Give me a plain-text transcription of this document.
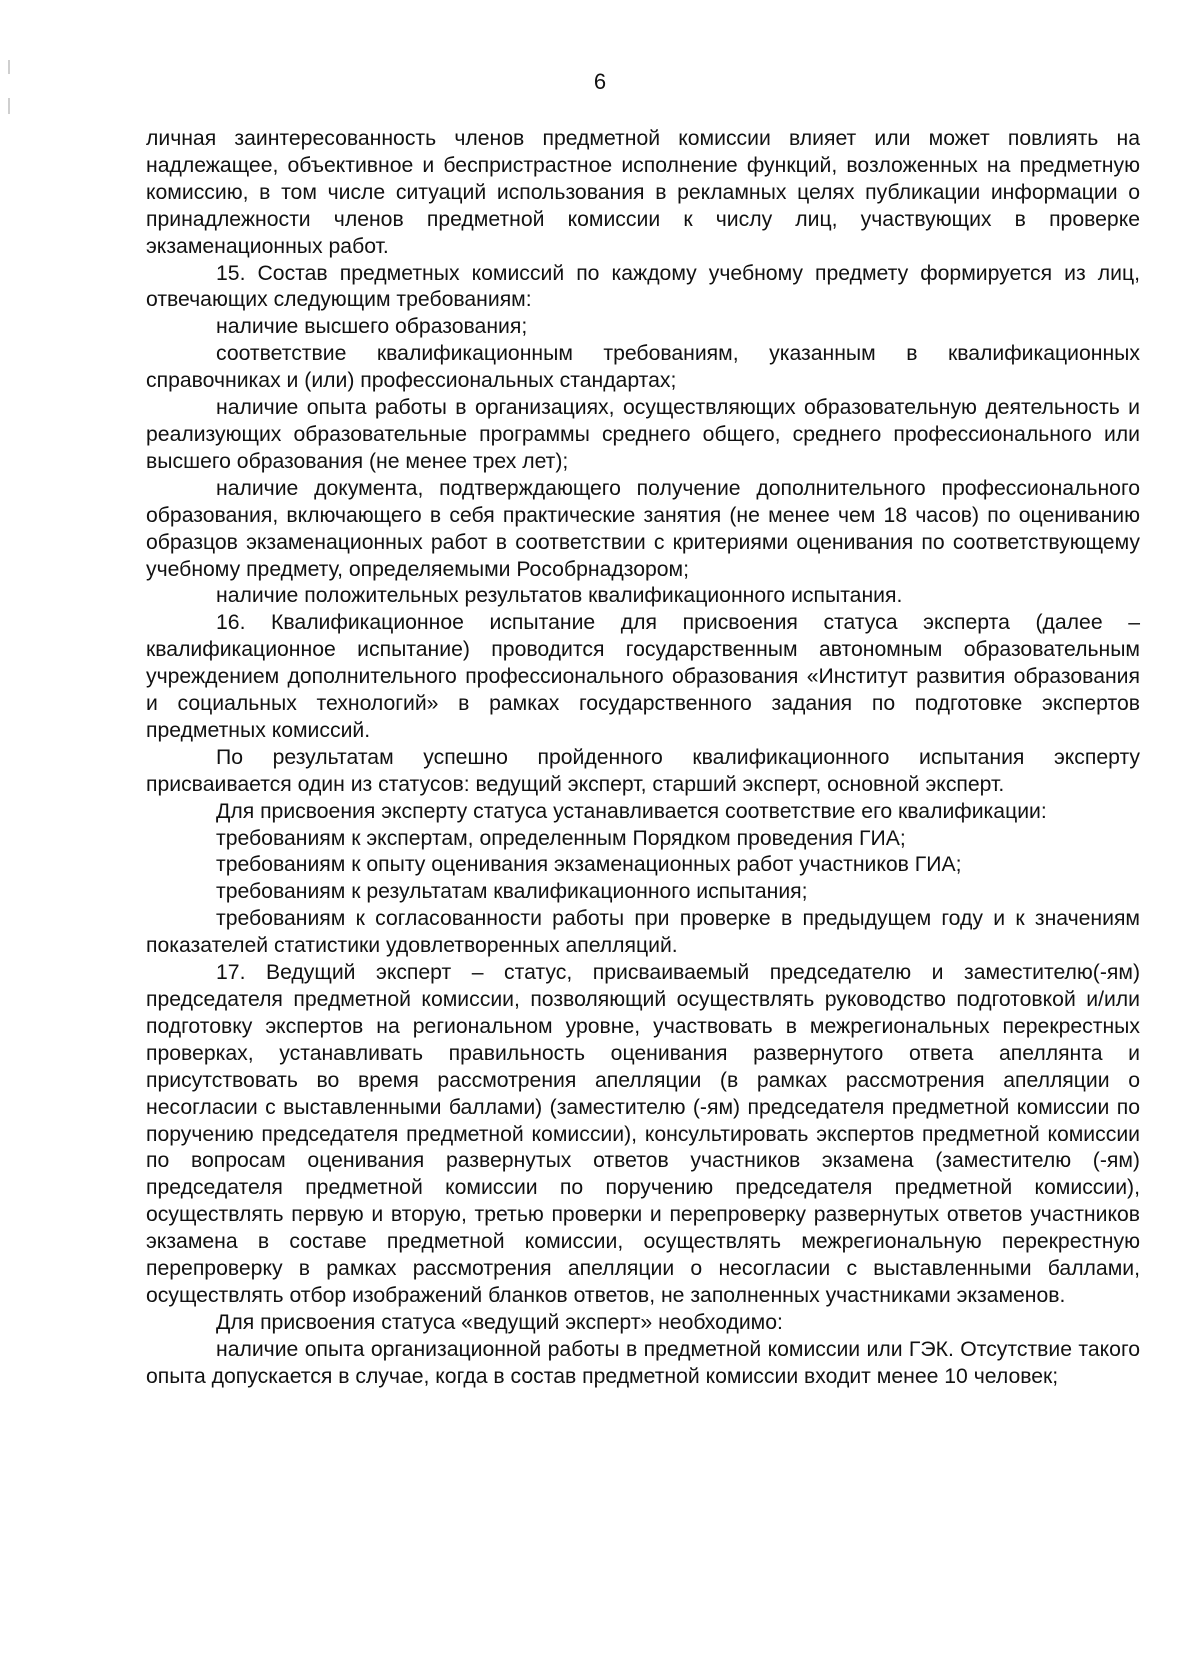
6

личная заинтересованность членов предметной комиссии влияет или может повлиять на надлежащее, объективное и беспристрастное исполнение функций, возложенных на предметную комиссию, в том числе ситуаций использования в рекламных целях публикации информации о принадлежности членов предметной комиссии к числу лиц, участвующих в проверке экзаменационных работ.

15. Состав предметных комиссий по каждому учебному предмету формируется из лиц, отвечающих следующим требованиям:

наличие высшего образования;

соответствие квалификационным требованиям, указанным в квалификационных справочниках и (или) профессиональных стандартах;

наличие опыта работы в организациях, осуществляющих образовательную деятельность и реализующих образовательные программы среднего общего, среднего профессионального или высшего образования (не менее трех лет);

наличие документа, подтверждающего получение дополнительного профессионального образования, включающего в себя практические занятия (не менее чем 18 часов) по оцениванию образцов экзаменационных работ в соответствии с критериями оценивания по соответствующему учебному предмету, определяемыми Рособрнадзором;

наличие положительных результатов квалификационного испытания.

16. Квалификационное испытание для присвоения статуса эксперта (далее – квалификационное испытание) проводится государственным автономным образовательным учреждением дополнительного профессионального образования «Институт развития образования и социальных технологий» в рамках государственного задания по подготовке экспертов предметных комиссий.

По результатам успешно пройденного квалификационного испытания эксперту присваивается один из статусов: ведущий эксперт, старший эксперт, основной эксперт.

Для присвоения эксперту статуса устанавливается соответствие его квалификации:

требованиям к экспертам, определенным Порядком проведения ГИА;

требованиям к опыту оценивания экзаменационных работ участников ГИА;

требованиям к результатам квалификационного испытания;

требованиям к согласованности работы при проверке в предыдущем году и к значениям показателей статистики удовлетворенных апелляций.

17. Ведущий эксперт – статус, присваиваемый председателю и заместителю(-ям) председателя предметной комиссии, позволяющий осуществлять руководство подготовкой и/или подготовку экспертов на региональном уровне, участвовать в межрегиональных перекрестных проверках, устанавливать правильность оценивания развернутого ответа апеллянта и присутствовать во время рассмотрения апелляции (в рамках рассмотрения апелляции о несогласии с выставленными баллами) (заместителю (-ям) председателя предметной комиссии по поручению председателя предметной комиссии), консультировать экспертов предметной комиссии по вопросам оценивания развернутых ответов участников экзамена (заместителю (-ям) председателя предметной комиссии по поручению председателя предметной комиссии), осуществлять первую и вторую, третью проверки и перепроверку развернутых ответов участников экзамена в составе предметной комиссии, осуществлять межрегиональную перекрестную перепроверку в рамках рассмотрения апелляции о несогласии с выставленными баллами, осуществлять отбор изображений бланков ответов, не заполненных участниками экзаменов.

Для присвоения статуса «ведущий эксперт» необходимо:

наличие опыта организационной работы в предметной комиссии или ГЭК. Отсутствие такого опыта допускается в случае, когда в состав предметной комиссии входит менее 10 человек;
